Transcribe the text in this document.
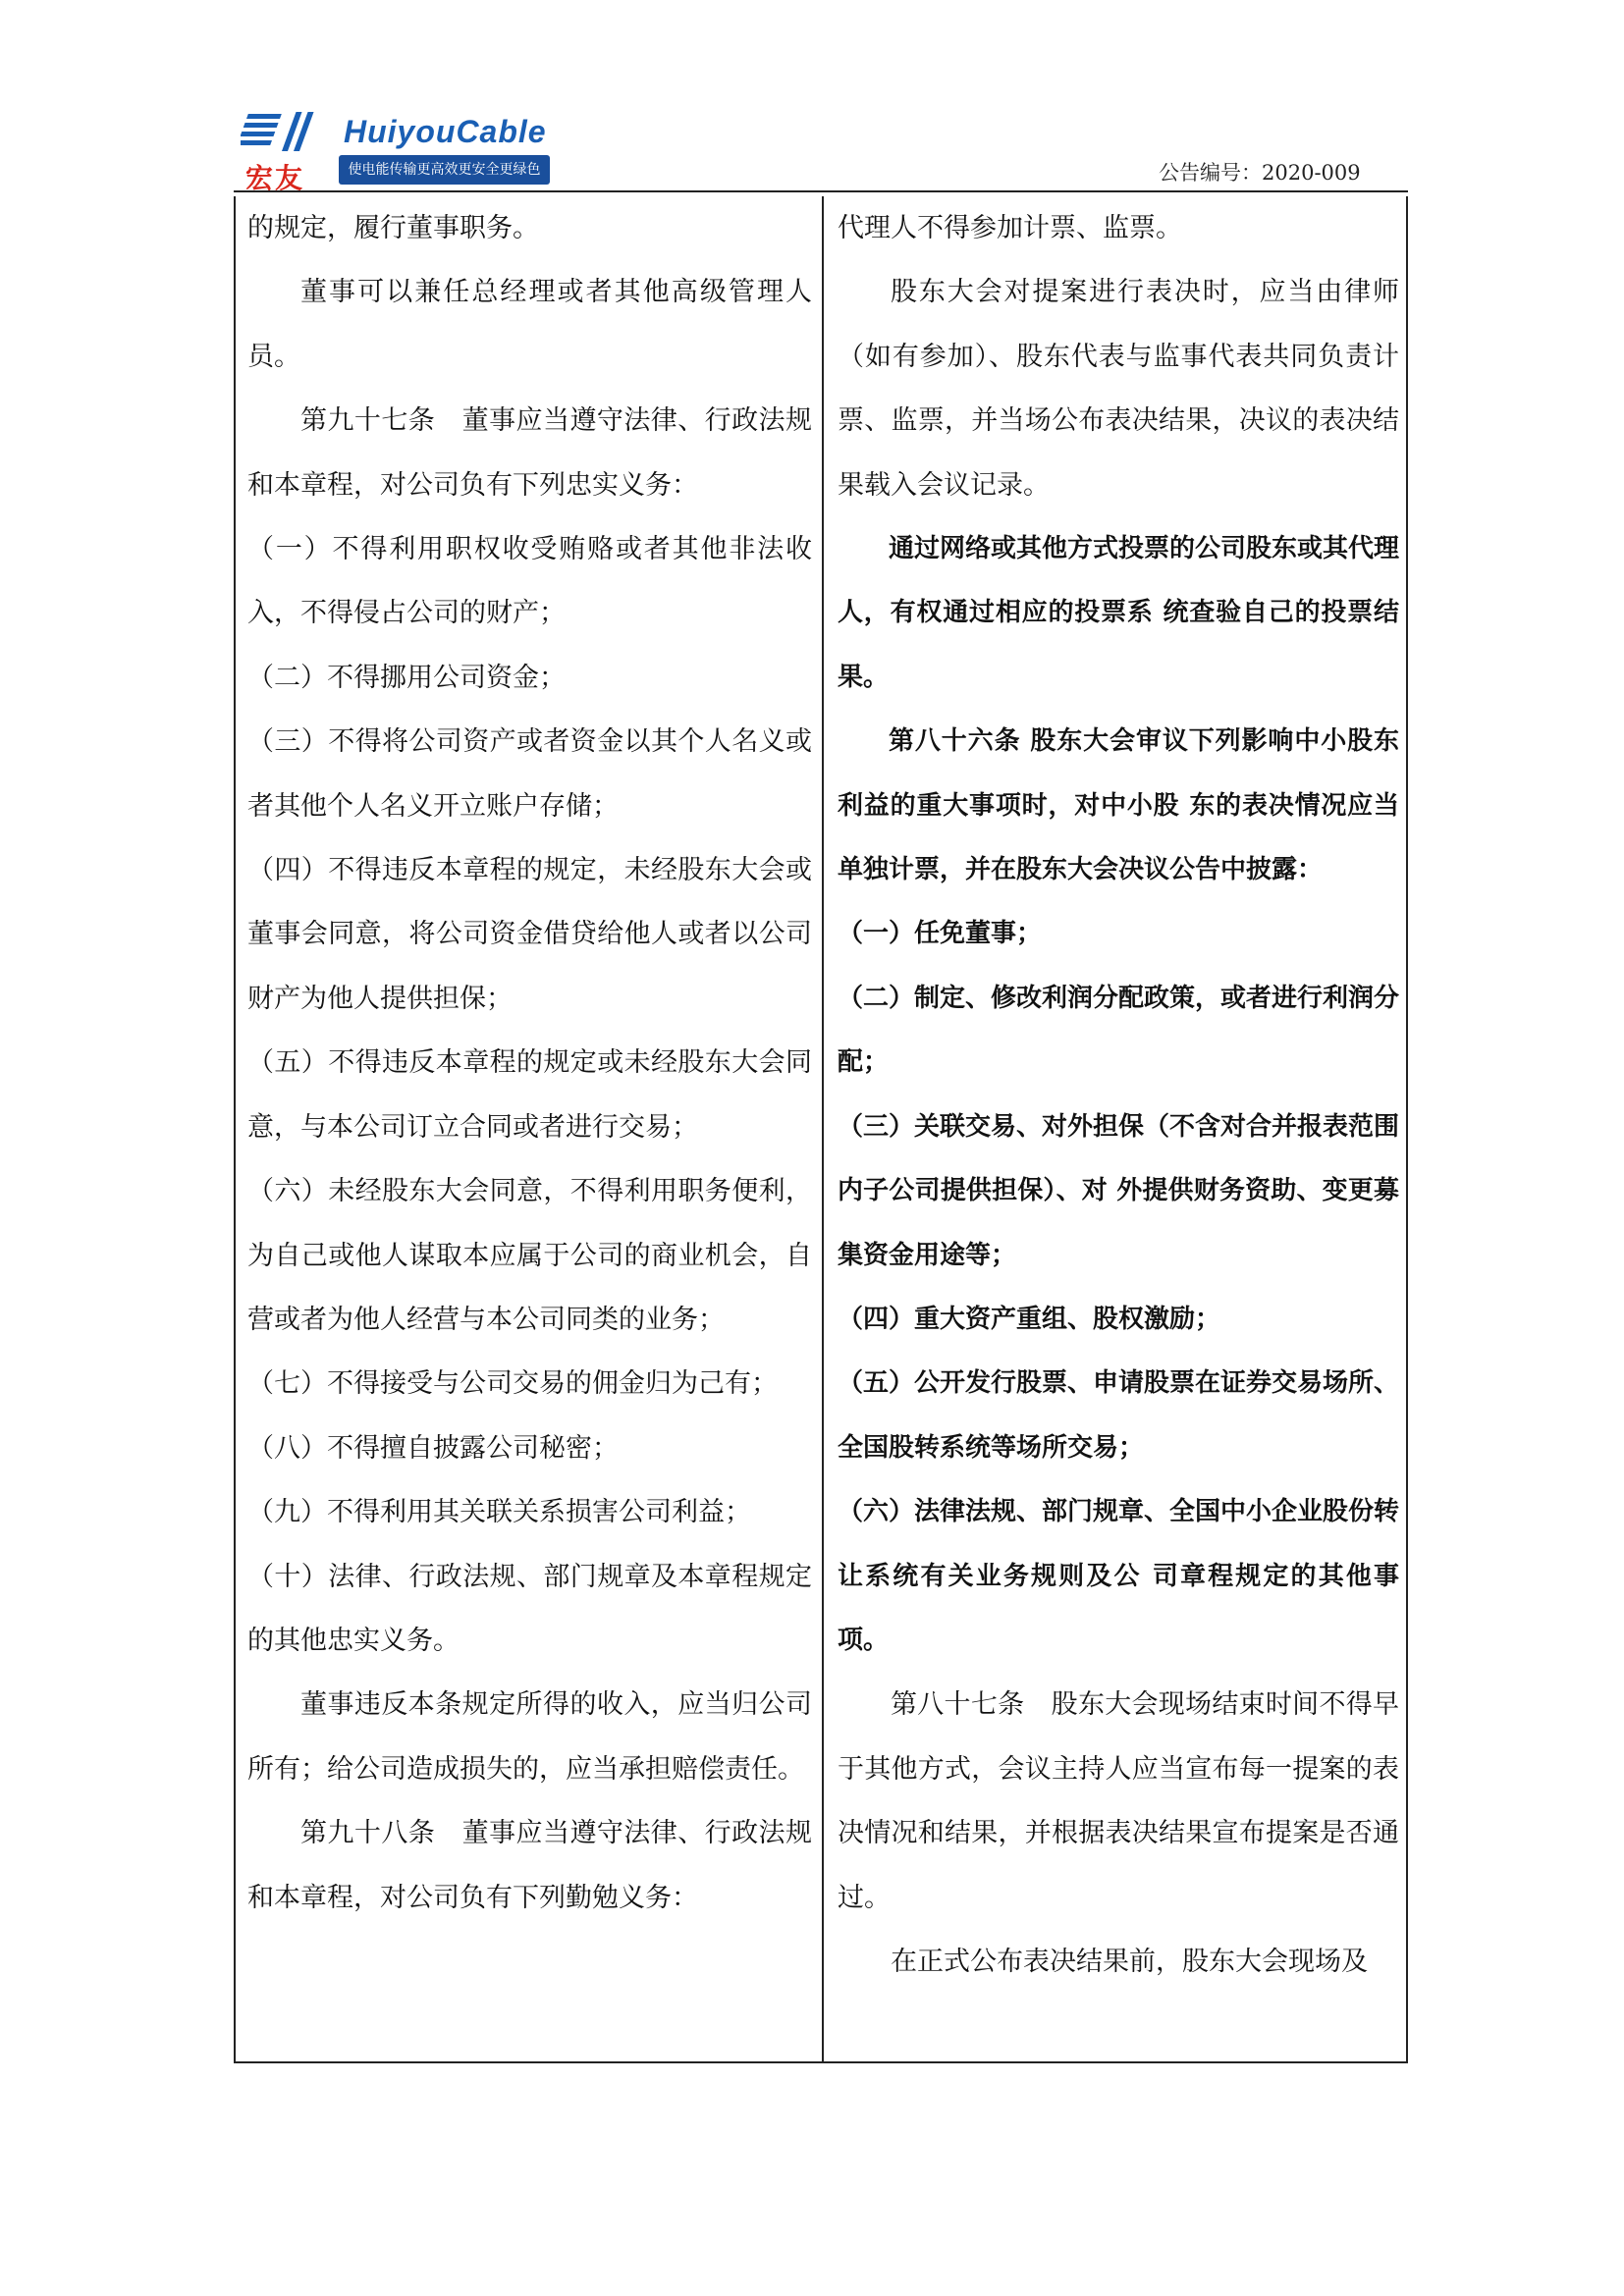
宏友
HuiyouCable
使电能传输更高效更安全更绿色	公告编号：2020-009

的规定，履行董事职务。

董事可以兼任总经理或者其他高级管理人员。

第九十七条　董事应当遵守法律、行政法规和本章程，对公司负有下列忠实义务：

（一）不得利用职权收受贿赂或者其他非法收入，不得侵占公司的财产；

（二）不得挪用公司资金；

（三）不得将公司资产或者资金以其个人名义或者其他个人名义开立账户存储；

（四）不得违反本章程的规定，未经股东大会或董事会同意，将公司资金借贷给他人或者以公司财产为他人提供担保；

（五）不得违反本章程的规定或未经股东大会同意，与本公司订立合同或者进行交易；

（六）未经股东大会同意，不得利用职务便利，为自己或他人谋取本应属于公司的商业机会，自营或者为他人经营与本公司同类的业务；

（七）不得接受与公司交易的佣金归为己有；

（八）不得擅自披露公司秘密；

（九）不得利用其关联关系损害公司利益；

（十）法律、行政法规、部门规章及本章程规定的其他忠实义务。

董事违反本条规定所得的收入，应当归公司所有；给公司造成损失的，应当承担赔偿责任。

第九十八条　董事应当遵守法律、行政法规和本章程，对公司负有下列勤勉义务：

代理人不得参加计票、监票。

股东大会对提案进行表决时，应当由律师（如有参加）、股东代表与监事代表共同负责计票、监票，并当场公布表决结果，决议的表决结果载入会议记录。

通过网络或其他方式投票的公司股东或其代理人，有权通过相应的投票系 统查验自己的投票结果。

第八十六条 股东大会审议下列影响中小股东利益的重大事项时，对中小股 东的表决情况应当单独计票，并在股东大会决议公告中披露：

（一）任免董事；

（二）制定、修改利润分配政策，或者进行利润分配；

（三）关联交易、对外担保（不含对合并报表范围内子公司提供担保）、对 外提供财务资助、变更募集资金用途等；

（四）重大资产重组、股权激励；

（五）公开发行股票、申请股票在证券交易场所、全国股转系统等场所交易；

（六）法律法规、部门规章、全国中小企业股份转让系统有关业务规则及公 司章程规定的其他事项。

第八十七条　股东大会现场结束时间不得早于其他方式，会议主持人应当宣布每一提案的表决情况和结果，并根据表决结果宣布提案是否通过。

在正式公布表决结果前，股东大会现场及
